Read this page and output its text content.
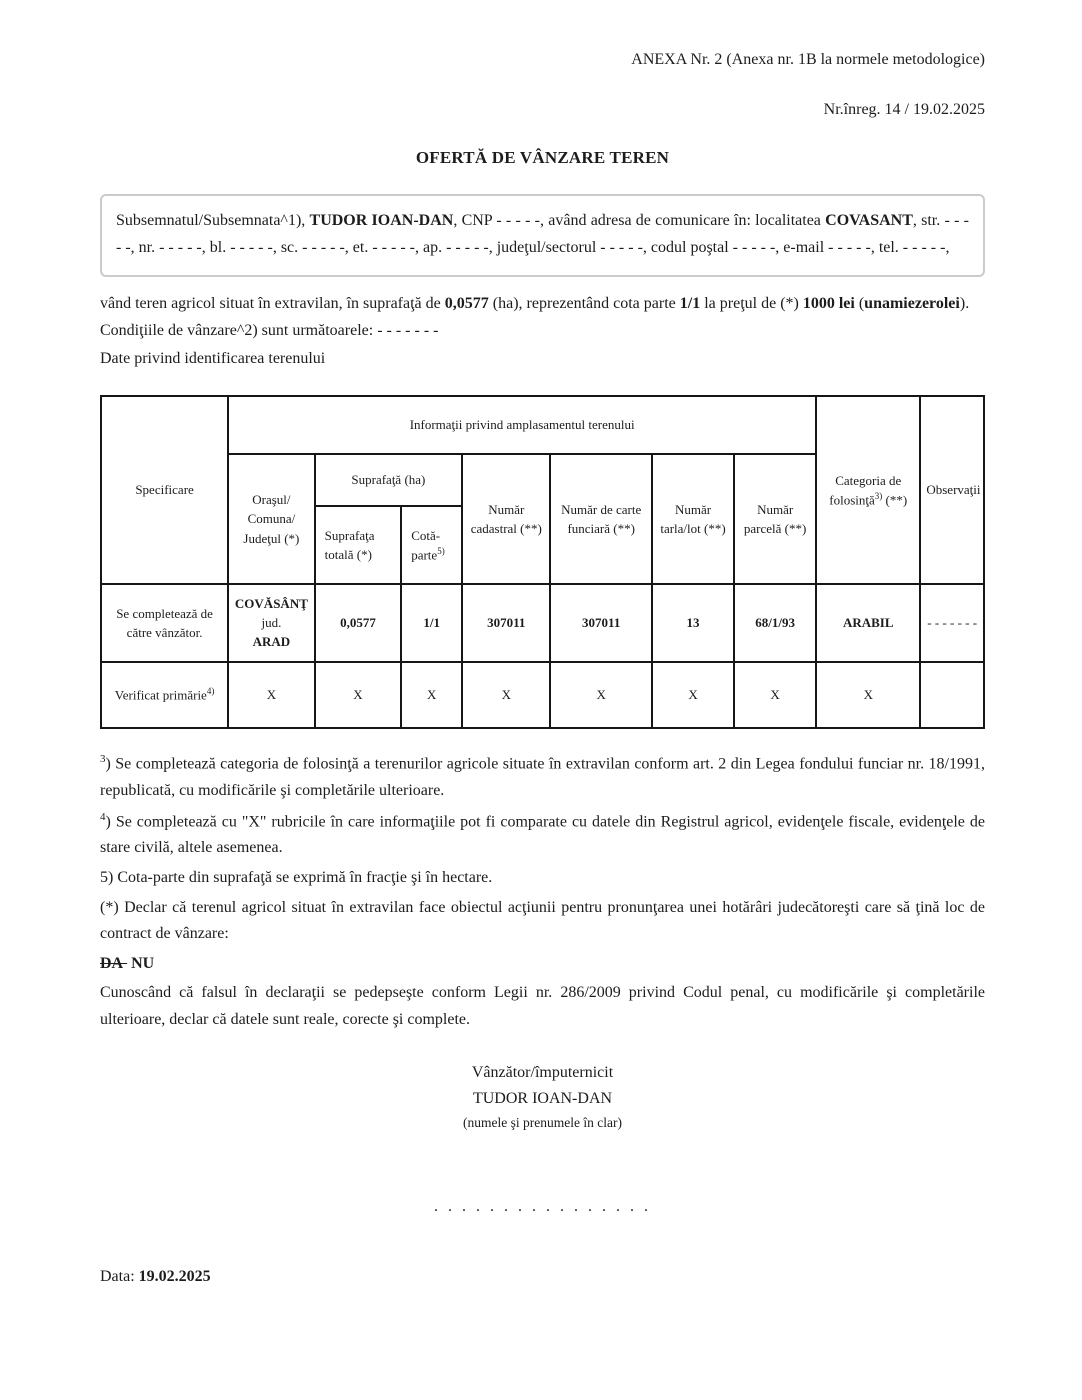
ANEXA Nr. 2 (Anexa nr. 1B la normele metodologice)
Nr.înreg. 14 / 19.02.2025
OFERTĂ DE VÂNZARE TEREN

Subsemnatul/Subsemnata^1), TUDOR IOAN-DAN, CNP - - - - -, având adresa de comunicare în: localitatea COVASANT, str. - - - - -, nr. - - - - -, bl. - - - - -, sc. - - - - -, et. - - - - -, ap. - - - - -, judeţul/sectorul - - - - -, codul poştal - - - - -, e-mail - - - - -, tel. - - - - -,

vând teren agricol situat în extravilan, în suprafaţă de 0,0577 (ha), reprezentând cota parte 1/1 la preţul de (*) 1000 lei (unamiezerolei).

Condiţiile de vânzare^2) sunt următoarele: - - - - - - -

Date privind identificarea terenului

Specificare	Informaţii privind amplasamentul terenului							Categoria de folosinţă$^{3)}$ (**)	Observaţii
	Oraşul/ Comuna/ Judeţul (*)	Suprafaţă (ha)		Număr cadastral (**)	Număr de carte funciară (**)	Număr tarla/lot (**)	Număr parcelă (**)		
		Suprafaţa totală (*)	Cotă-parte$^{5)}$
Se completează de către vânzător.	COVĂSÂNŢ
jud.
ARAD	0,0577	1/1	307011	307011	13	68/1/93	ARABIL	- - - - - - -
Verificat primărie$^{4)}$	X	X	X	X	X	X	X	X	

$^3$) Se completează categoria de folosinţă a terenurilor agricole situate în extravilan conform art. 2 din Legea fondului funciar nr. 18/1991, republicată, cu modificările şi completările ulterioare.

$^4$) Se completează cu "X" rubricile în care informaţiile pot fi comparate cu datele din Registrul agricol, evidenţele fiscale, evidenţele de stare civilă, altele asemenea.

5) Cota-parte din suprafaţă se exprimă în fracţie şi în hectare.

(*) Declar că terenul agricol situat în extravilan face obiectul acţiunii pentru pronunţarea unei hotărâri judecătoreşti care să ţină loc de contract de vânzare:

DA  NU

Cunoscând că falsul în declaraţii se pedepseşte conform Legii nr. 286/2009 privind Codul penal, cu modificările şi completările ulterioare, declar că datele sunt reale, corecte şi complete.

Vânzător/împuternicit
TUDOR IOAN-DAN
(numele şi prenumele în clar)
. . . . . . . . . . . . . . . .
Data: 19.02.2025
